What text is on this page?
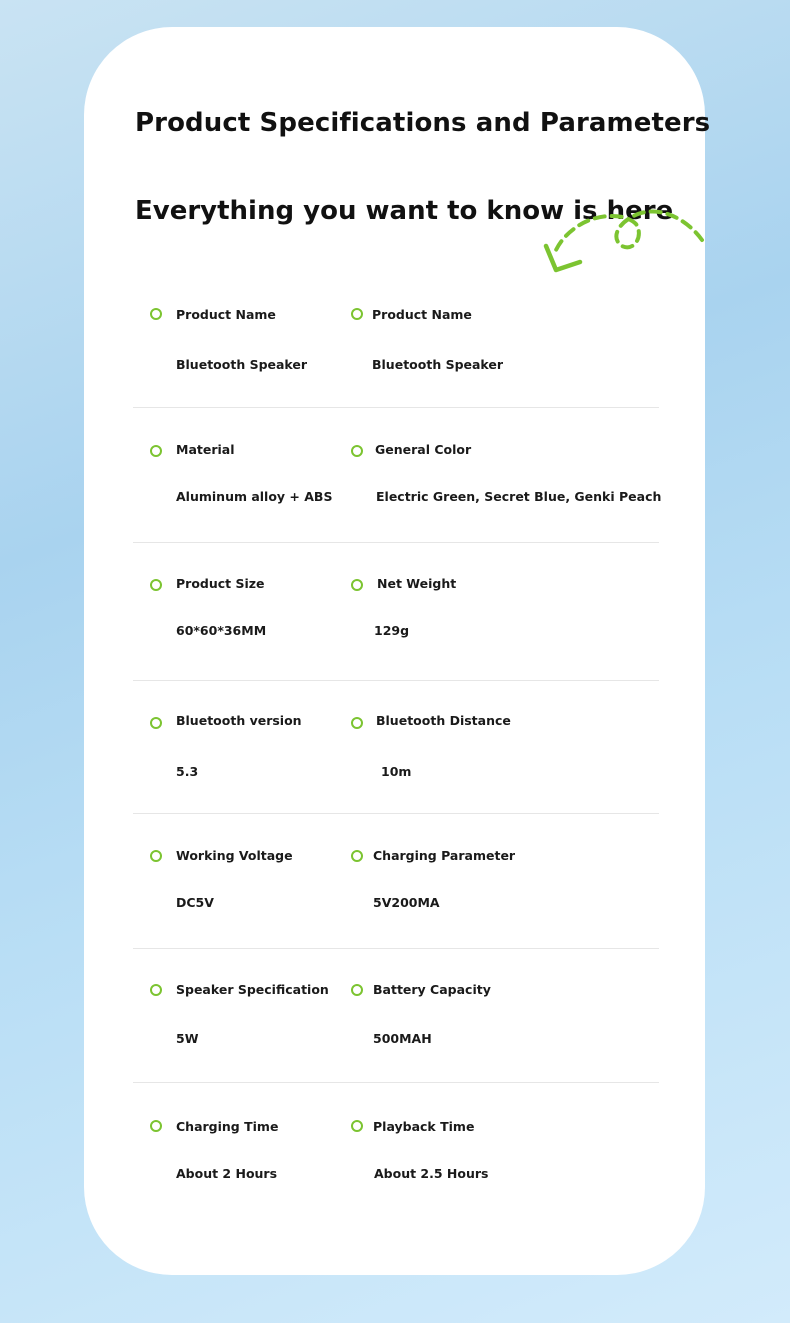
Product Specifications and Parameters
Everything you want to know is here
Product Name
Bluetooth Speaker
Product Name
Bluetooth Speaker
Material
Aluminum alloy + ABS
General Color
Electric Green, Secret Blue, Genki Peach
Product Size
60*60*36MM
Net Weight
129g
Bluetooth version
5.3
Bluetooth Distance
10m
Working Voltage
DC5V
Charging Parameter
5V200MA
Speaker Specification
5W
Battery Capacity
500MAH
Charging Time
About 2 Hours
Playback Time
About 2.5 Hours
